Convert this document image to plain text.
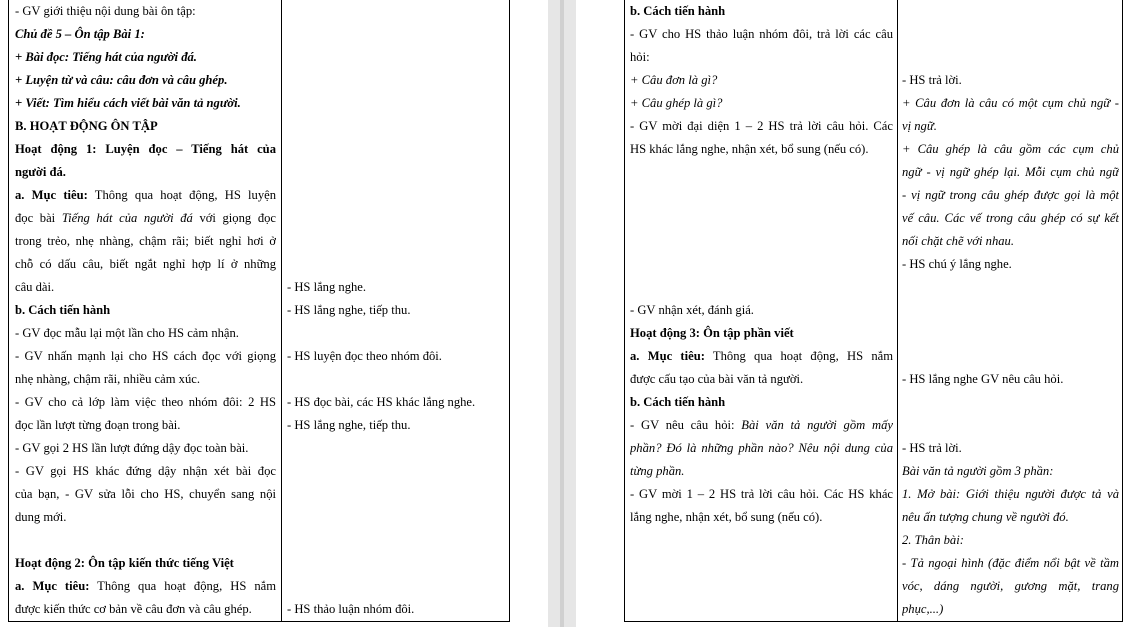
- GV giới thiệu nội dung bài ôn tập:
Chủ đề 5 – Ôn tập Bài 1:
+ Bài đọc: Tiếng hát của người đá.
+ Luyện từ và câu: câu đơn và câu ghép.
+ Viết: Tìm hiểu cách viết bài văn tả người.
B. HOẠT ĐỘNG ÔN TẬP
Hoạt động 1: Luyện đọc – Tiếng hát của
người đá.
a. Mục tiêu: Thông qua hoạt động, HS luyện
đọc bài Tiếng hát của người đá với giọng đọc
trong trẻo, nhẹ nhàng, chậm rãi; biết nghỉ hơi ở
chỗ có dấu câu, biết ngắt nghỉ hợp lí ở những
câu dài.
b. Cách tiến hành
- GV đọc mẫu lại một lần cho HS cảm nhận.
- GV nhấn mạnh lại cho HS cách đọc với giọng
nhẹ nhàng, chậm rãi, nhiều cảm xúc.
- GV cho cả lớp làm việc theo nhóm đôi: 2 HS
đọc lần lượt từng đoạn trong bài.
- GV gọi 2 HS lần lượt đứng dậy đọc toàn bài.
- GV gọi HS khác đứng dậy nhận xét bài đọc
của bạn, - GV sửa lỗi cho HS, chuyển sang nội
dung mới.

Hoạt động 2: Ôn tập kiến thức tiếng Việt
a. Mục tiêu: Thông qua hoạt động, HS nắm
được kiến thức cơ bản về câu đơn và câu ghép.

- HS lắng nghe.
- HS lắng nghe, tiếp thu.

- HS luyện đọc theo nhóm đôi.

- HS đọc bài, các HS khác lắng nghe.
- HS lắng nghe, tiếp thu.

- HS thảo luận nhóm đôi.
b. Cách tiến hành
- GV cho HS thảo luận nhóm đôi, trả lời các câu
hỏi:
+ Câu đơn là gì?
+ Câu ghép là gì?
- GV mời đại diện 1 – 2 HS trả lời câu hỏi. Các
HS khác lắng nghe, nhận xét, bổ sung (nếu có).

- GV nhận xét, đánh giá.
Hoạt động 3: Ôn tập phần viết
a. Mục tiêu: Thông qua hoạt động, HS nắm
được cấu tạo của bài văn tả người.
b. Cách tiến hành
- GV nêu câu hỏi: Bài văn tả người gồm mấy
phần? Đó là những phần nào? Nêu nội dung của
từng phần.
- GV mời 1 – 2 HS trả lời câu hỏi. Các HS khác
lắng nghe, nhận xét, bổ sung (nếu có).

- HS trả lời.
+ Câu đơn là câu có một cụm chủ ngữ -
vị ngữ.
+ Câu ghép là câu gồm các cụm chủ
ngữ - vị ngữ ghép lại. Mỗi cụm chủ ngữ
- vị ngữ trong câu ghép được gọi là một
vế câu. Các vế trong câu ghép có sự kết
nối chặt chẽ với nhau.
- HS chú ý lắng nghe.

- HS lắng nghe GV nêu câu hỏi.

- HS trả lời.
Bài văn tả người gồm 3 phần:
1. Mở bài: Giới thiệu người được tả và
nêu ấn tượng chung về người đó.
2. Thân bài:
- Tả ngoại hình (đặc điểm nổi bật về tầm
vóc, dáng người, gương mặt, trang
phục,...)
